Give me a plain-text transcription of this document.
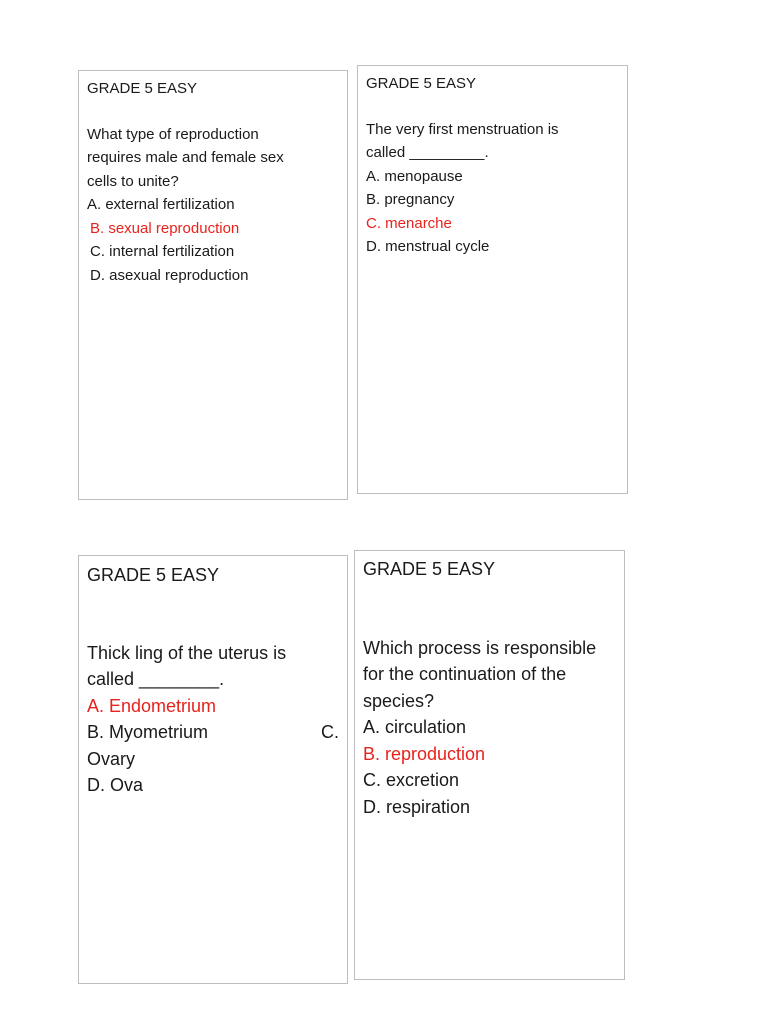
GRADE 5 EASY
What type of reproduction
requires male and female sex
cells to unite?
A. external fertilization
B. sexual reproduction
C. internal fertilization
D. asexual reproduction
GRADE 5 EASY
The very first menstruation is
called _________.
A. menopause
B. pregnancy
C. menarche
D. menstrual cycle
GRADE 5 EASY
Thick ling of the uterus is
called ________.
A. Endometrium
B. Myometrium	C.
Ovary
D. Ova
GRADE 5 EASY
Which process is responsible
for the continuation of the
species?
A. circulation
B. reproduction
C. excretion
D. respiration
